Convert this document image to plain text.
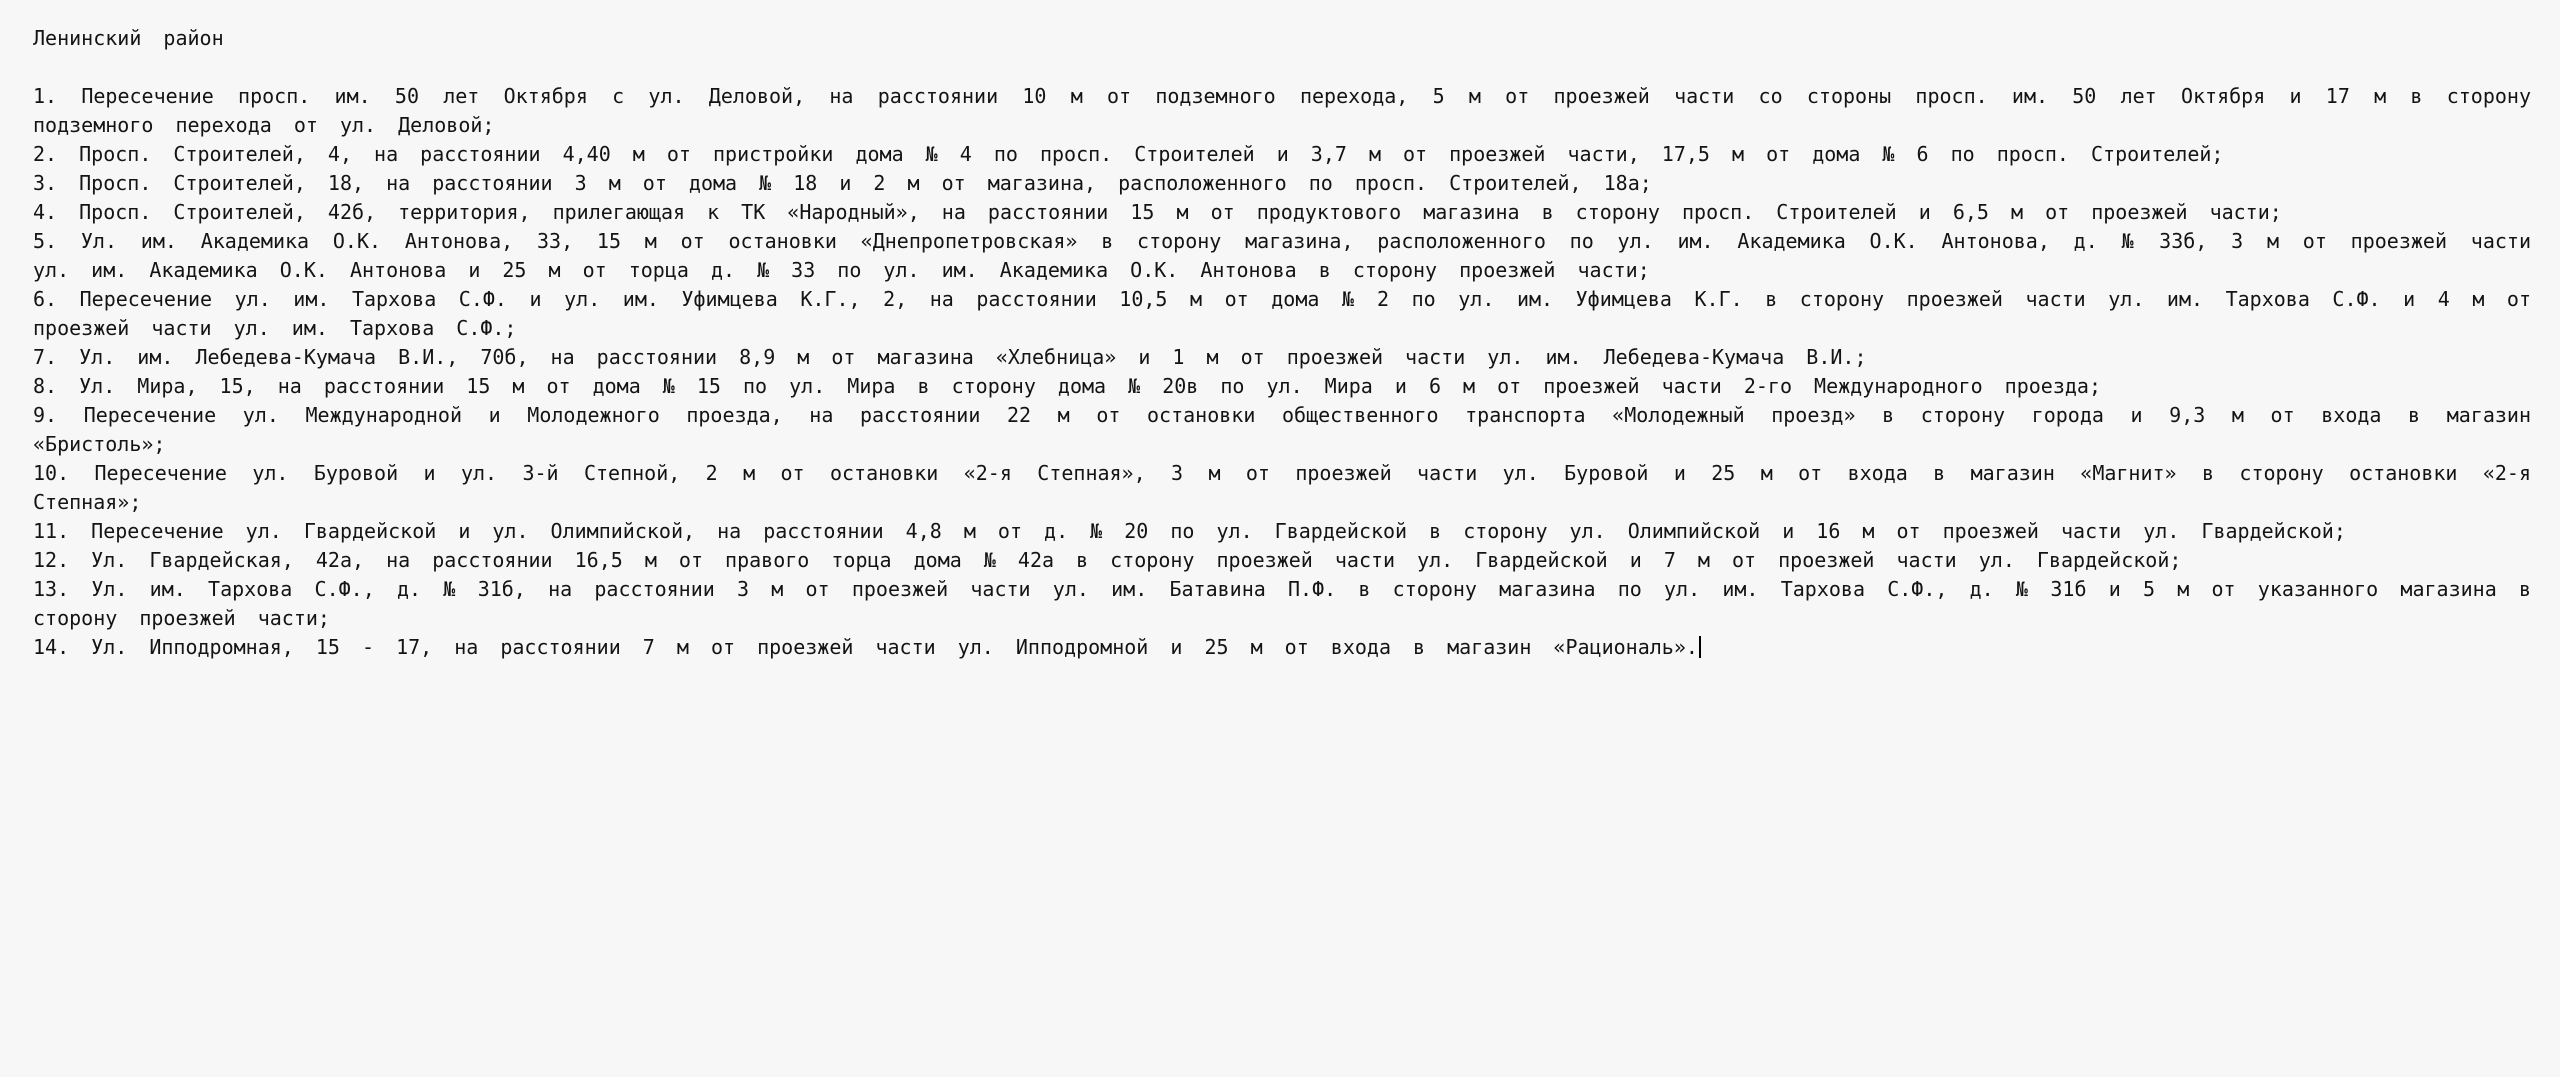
Ленинский район

1. Пересечение просп. им. 50 лет Октября с ул. Деловой, на расстоянии 10 м от подземного перехода, 5 м от проезжей части со стороны просп. им. 50 лет Октября и 17 м в сторону подземного перехода от ул. Деловой;

2. Просп. Строителей, 4, на расстоянии 4,40 м от пристройки дома № 4 по просп. Строителей и 3,7 м от проезжей части, 17,5 м от дома № 6 по просп. Строителей;

3. Просп. Строителей, 18, на расстоянии 3 м от дома № 18 и 2 м от магазина, расположенного по просп. Строителей, 18а;

4. Просп. Строителей, 42б, территория, прилегающая к ТК «Народный», на расстоянии 15 м от продуктового магазина в сторону просп. Строителей и 6,5 м от проезжей части;

5. Ул. им. Академика О.К. Антонова, 33, 15 м от остановки «Днепропетровская» в сторону магазина, расположенного по ул. им. Академика О.К. Антонова, д. № 33б, 3 м от проезжей части ул. им. Академика О.К. Антонова и 25 м от торца д. № 33 по ул. им. Академика О.К. Антонова в сторону проезжей части;

6. Пересечение ул. им. Тархова С.Ф. и ул. им. Уфимцева К.Г., 2, на расстоянии 10,5 м от дома № 2 по ул. им. Уфимцева К.Г. в сторону проезжей части ул. им. Тархова С.Ф. и 4 м от проезжей части ул. им. Тархова С.Ф.;

7. Ул. им. Лебедева-Кумача В.И., 70б, на расстоянии 8,9 м от магазина «Хлебница» и 1 м от проезжей части ул. им. Лебедева-Кумача В.И.;

8. Ул. Мира, 15, на расстоянии 15 м от дома № 15 по ул. Мира в сторону дома № 20в по ул. Мира и 6 м от проезжей части 2-го Международного проезда;

9. Пересечение ул. Международной и Молодежного проезда, на расстоянии 22 м от остановки общественного транспорта «Молодежный проезд» в сторону города и 9,3 м от входа в магазин «Бристоль»;

10. Пересечение ул. Буровой и ул. 3-й Степной, 2 м от остановки «2-я Степная», 3 м от проезжей части ул. Буровой и 25 м от входа в магазин «Магнит» в сторону остановки «2-я Степная»;

11. Пересечение ул. Гвардейской и ул. Олимпийской, на расстоянии 4,8 м от д. № 20 по ул. Гвардейской в сторону ул. Олимпийской и 16 м от проезжей части ул. Гвардейской;

12. Ул. Гвардейская, 42а, на расстоянии 16,5 м от правого торца дома № 42а в сторону проезжей части ул. Гвардейской и 7 м от проезжей части ул. Гвардейской;

13. Ул. им. Тархова С.Ф., д. № 31б, на расстоянии 3 м от проезжей части ул. им. Батавина П.Ф. в сторону магазина по ул. им. Тархова С.Ф., д. № 31б и 5 м от указанного магазина в сторону проезжей части;

14. Ул. Ипподромная, 15 - 17, на расстоянии 7 м от проезжей части ул. Ипподромной и 25 м от входа в магазин «Рациональ».
